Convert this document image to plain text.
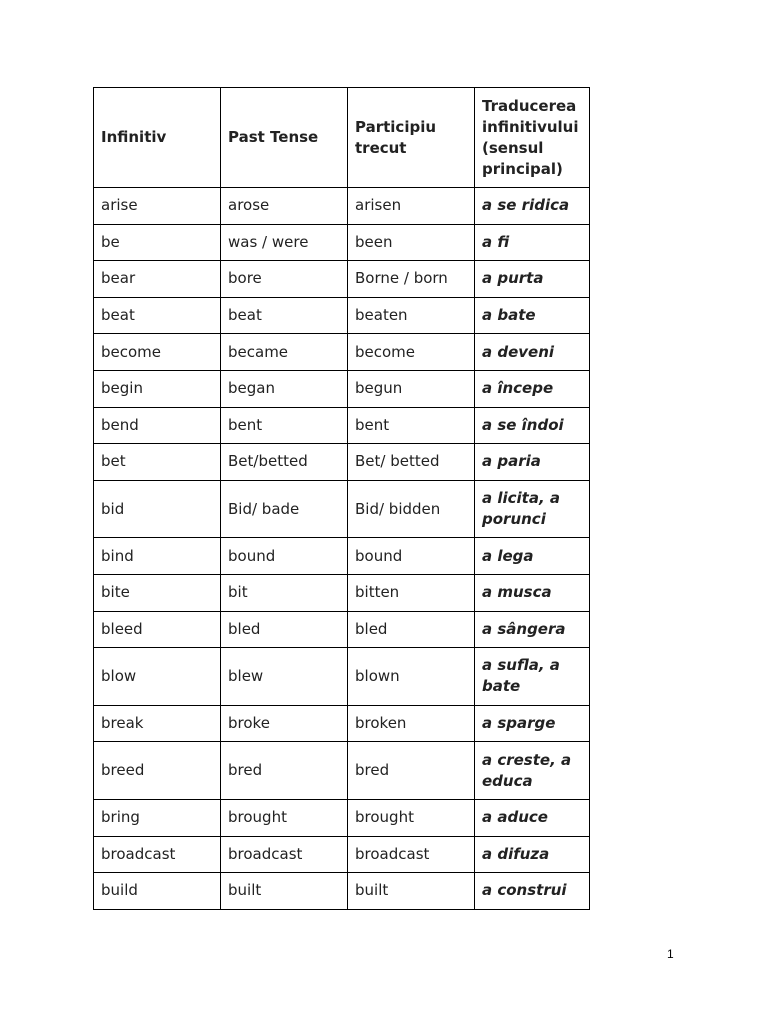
Infinitiv	Past Tense	Participiu trecut	Traducerea infinitivului (sensul principal)
arise	arose	arisen	a se ridica
be	was / were	been	a fi
bear	bore	Borne / born	a purta
beat	beat	beaten	a bate
become	became	become	a deveni
begin	began	begun	a începe
bend	bent	bent	a se îndoi
bet	Bet/betted	Bet/ betted	a paria
bid	Bid/ bade	Bid/ bidden	a licita, a porunci
bind	bound	bound	a lega
bite	bit	bitten	a musca
bleed	bled	bled	a sângera
blow	blew	blown	a sufla, a bate
break	broke	broken	a sparge
breed	bred	bred	a creste, a educa
bring	brought	brought	a aduce
broadcast	broadcast	broadcast	a difuza
build	built	built	a construi
1
